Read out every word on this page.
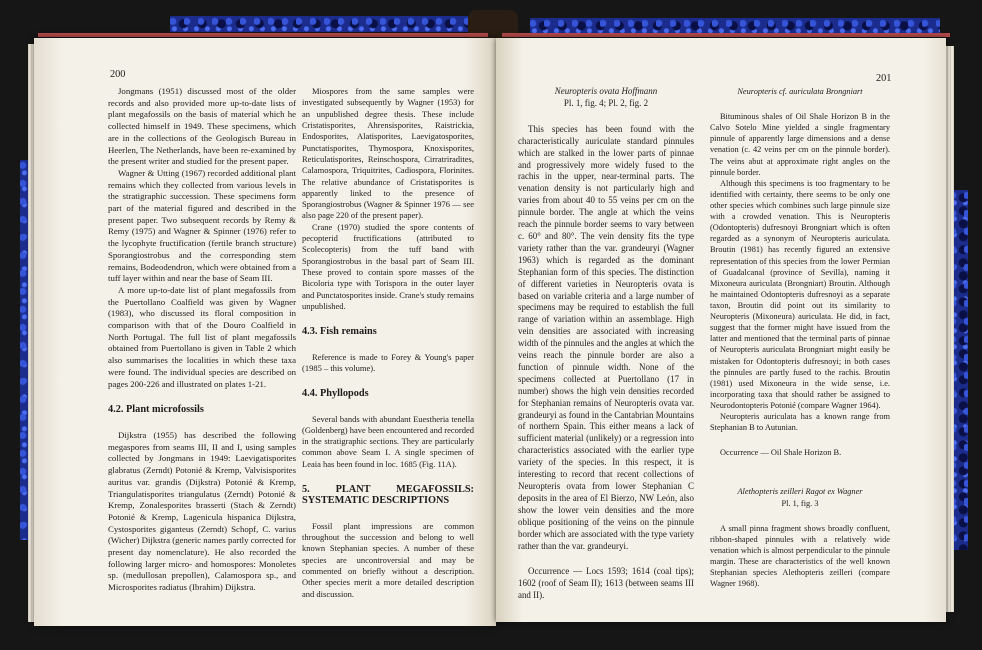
200

Jongmans (1951) discussed most of the older records and also provided more up-to-date lists of plant megafossils on the basis of material which he collected himself in 1949. These specimens, which are in the collections of the Geologisch Bureau in Heerlen, The Netherlands, have been re-examined by the present writer and studied for the present paper.

Wagner & Utting (1967) recorded additional plant remains which they collected from various levels in the stratigraphic succession. These specimens form part of the material figured and described in the present paper. Two subsequent records by Remy & Remy (1975) and Wagner & Spinner (1976) refer to the lycophyte fructification (fertile branch structure) Sporangiostrobus and the corresponding stem remains, Bodeodendron, which were obtained from a tuff layer within and near the base of Seam III.

A more up-to-date list of plant megafossils from the Puertollano Coalfield was given by Wagner (1983), who discussed its floral composition in comparison with that of the Douro Coalfield in North Portugal. The full list of plant megafossils obtained from Puertollano is given in Table 2 which also summarises the localities in which these taxa were found. The individual species are described on pages 200-226 and illustrated on plates 1-21.

4.2. Plant microfossils

Dijkstra (1955) has described the following megaspores from seams III, II and I, using samples collected by Jongmans in 1949: Laevigatisporites glabratus (Zerndt) Potonié & Kremp, Valvisisporites auritus var. grandis (Dijkstra) Potonié & Kremp, Triangulatisporites triangulatus (Zerndt) Potonié & Kremp, Zonalesporites brasserti (Stach & Zerndt) Potonié & Kremp, Lagenicula hispanica Dijkstra, Cystosporites giganteus (Zerndt) Schopf, C. varius (Wicher) Dijkstra (generic names partly corrected for present day nomenclature). He also recorded the following larger micro- and homospores: Monoletes sp. (medullosan prepollen), Calamospora sp., and Microsporites radiatus (Ibrahim) Dijkstra.

Miospores from the same samples were investigated subsequently by Wagner (1953) for an unpublished degree thesis. These include Cristatisporites, Ahrensisporites, Raistrickia, Endosporites, Alatisporites, Laevigatosporites, Punctatisporites, Thymospora, Knoxisporites, Reticulatisporites, Reinschospora, Cirratriradites, Calamospora, Triquitrites, Cadiospora, Florinites. The relative abundance of Cristatisporites is apparently linked to the presence of Sporangiostrobus (Wagner & Spinner 1976 — see also page 220 of the present paper).

Crane (1970) studied the spore contents of pecopterid fructifications (attributed to Scolecopteris) from the tuff band with Sporangiostrobus in the basal part of Seam III. These proved to contain spore masses of the Bicoloria type with Torispora in the outer layer and Punctatosporites inside. Crane's study remains unpublished.

4.3. Fish remains

Reference is made to Forey & Young's paper (1985 – this volume).

4.4. Phyllopods

Several bands with abundant Euestheria tenella (Goldenberg) have been encountered and recorded in the stratigraphic sections. They are particularly common above Seam I. A single specimen of Leaia has been found in loc. 1685 (Fig. 11A).

5. PLANT MEGAFOSSILS: SYSTEMATIC DESCRIPTIONS

Fossil plant impressions are common throughout the succession and belong to well known Stephanian species. A number of these species are uncontroversial and may be commented on briefly without a description. Other species merit a more detailed description and discussion.

201

Neuropteris ovata Hoffmann

Pl. 1, fig. 4; Pl. 2, fig. 2

This species has been found with the characteristically auriculate standard pinnules which are stalked in the lower parts of pinnae and progressively more widely fused to the rachis in the upper, near-terminal parts. The venation density is not particularly high and varies from about 40 to 55 veins per cm on the pinnule border. The angle at which the veins reach the pinnule border seems to vary between c. 60° and 80°. The vein density fits the type variety rather than the var. grandeuryi (Wagner 1963) which is regarded as the dominant Stephanian form of this species. The distinction of different varieties in Neuropteris ovata is based on variable criteria and a large number of specimens may be required to establish the full range of variation within an assemblage. High vein densities are associated with increasing width of the pinnules and the angles at which the veins reach the pinnule border are also a function of pinnule width. None of the specimens collected at Puertollano (17 in number) shows the high vein densities recorded for Stephanian remains of Neuropteris ovata var. grandeuryi as found in the Cantabrian Mountains of northern Spain. This either means a lack of sufficient material (unlikely) or a regression into characteristics associated with the earlier type variety of the species. In this respect, it is interesting to record that recent collections of Neuropteris ovata from lower Stephanian C deposits in the area of El Bierzo, NW León, also show the lower vein densities and the more oblique positioning of the veins on the pinnule border which are associated with the type variety rather than the var. grandeuryi.

Occurrence — Locs 1593; 1614 (coal tips); 1602 (roof of Seam II); 1613 (between seams III and II).

Neuropteris cf. auriculata Brongniart

Bituminous shales of Oil Shale Horizon B in the Calvo Sotelo Mine yielded a single fragmentary pinnule of apparently large dimensions and a dense venation (c. 42 veins per cm on the pinnule border). The veins abut at approximate right angles on the pinnule border.

Although this specimens is too fragmentary to be identified with certainty, there seems to be only one other species which combines such large pinnule size with a crowded venation. This is Neuropteris (Odontopteris) dufresnoyi Brongniart which is often regarded as a synonym of Neuropteris auriculata. Broutin (1981) has recently figured an extensive representation of this species from the lower Permian of Guadalcanal (province of Sevilla), naming it Mixoneura auriculata (Brongniart) Broutin. Although he maintained Odontopteris dufresnoyi as a separate taxon, Broutin did point out its similarity to Neuropteris (Mixoneura) auriculata. He did, in fact, suggest that the former might have issued from the latter and mentioned that the terminal parts of pinnae of Neuropteris auriculata Brongniart might easily be mistaken for Odontopteris dufresnoyi; in both cases the pinnules are partly fused to the rachis. Broutin (1981) used Mixoneura in the wide sense, i.e. incorporating taxa that should rather be assigned to Neurodontopteris Potonié (compare Wagner 1964).

Neuropteris auriculata has a known range from Stephanian B to Autunian.

Occurrence — Oil Shale Horizon B.

Alethopteris zeilleri Ragot ex Wagner

Pl. 1, fig. 3

A small pinna fragment shows broadly confluent, ribbon-shaped pinnules with a relatively wide venation which is almost perpendicular to the pinnule margin. These are characteristics of the well known Stephanian species Alethopteris zeilleri (compare Wagner 1968).
